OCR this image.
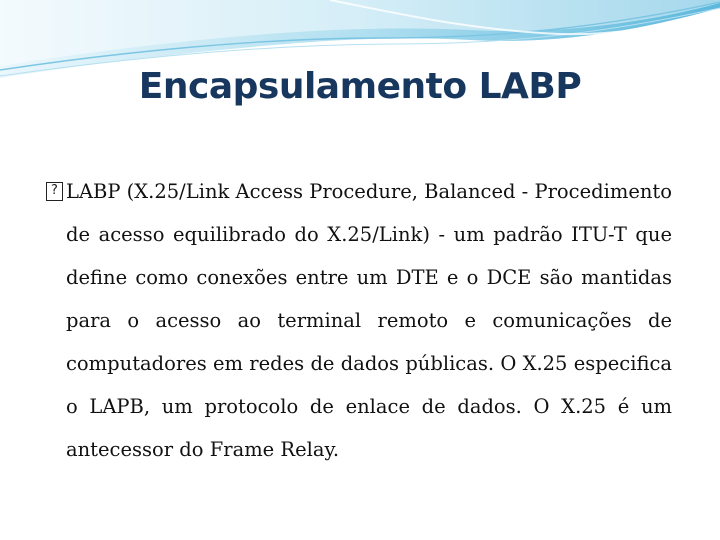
Encapsulamento LABP
? LABP (X.25/Link Access Procedure, Balanced - Procedimento de acesso equilibrado do X.25/Link) - um padrão ITU-T que define como conexões entre um DTE e o DCE são mantidas para o acesso ao terminal remoto e comunicações de computadores em redes de dados públicas. O X.25 especifica o LAPB, um protocolo de enlace de dados. O X.25 é um antecessor do Frame Relay.
